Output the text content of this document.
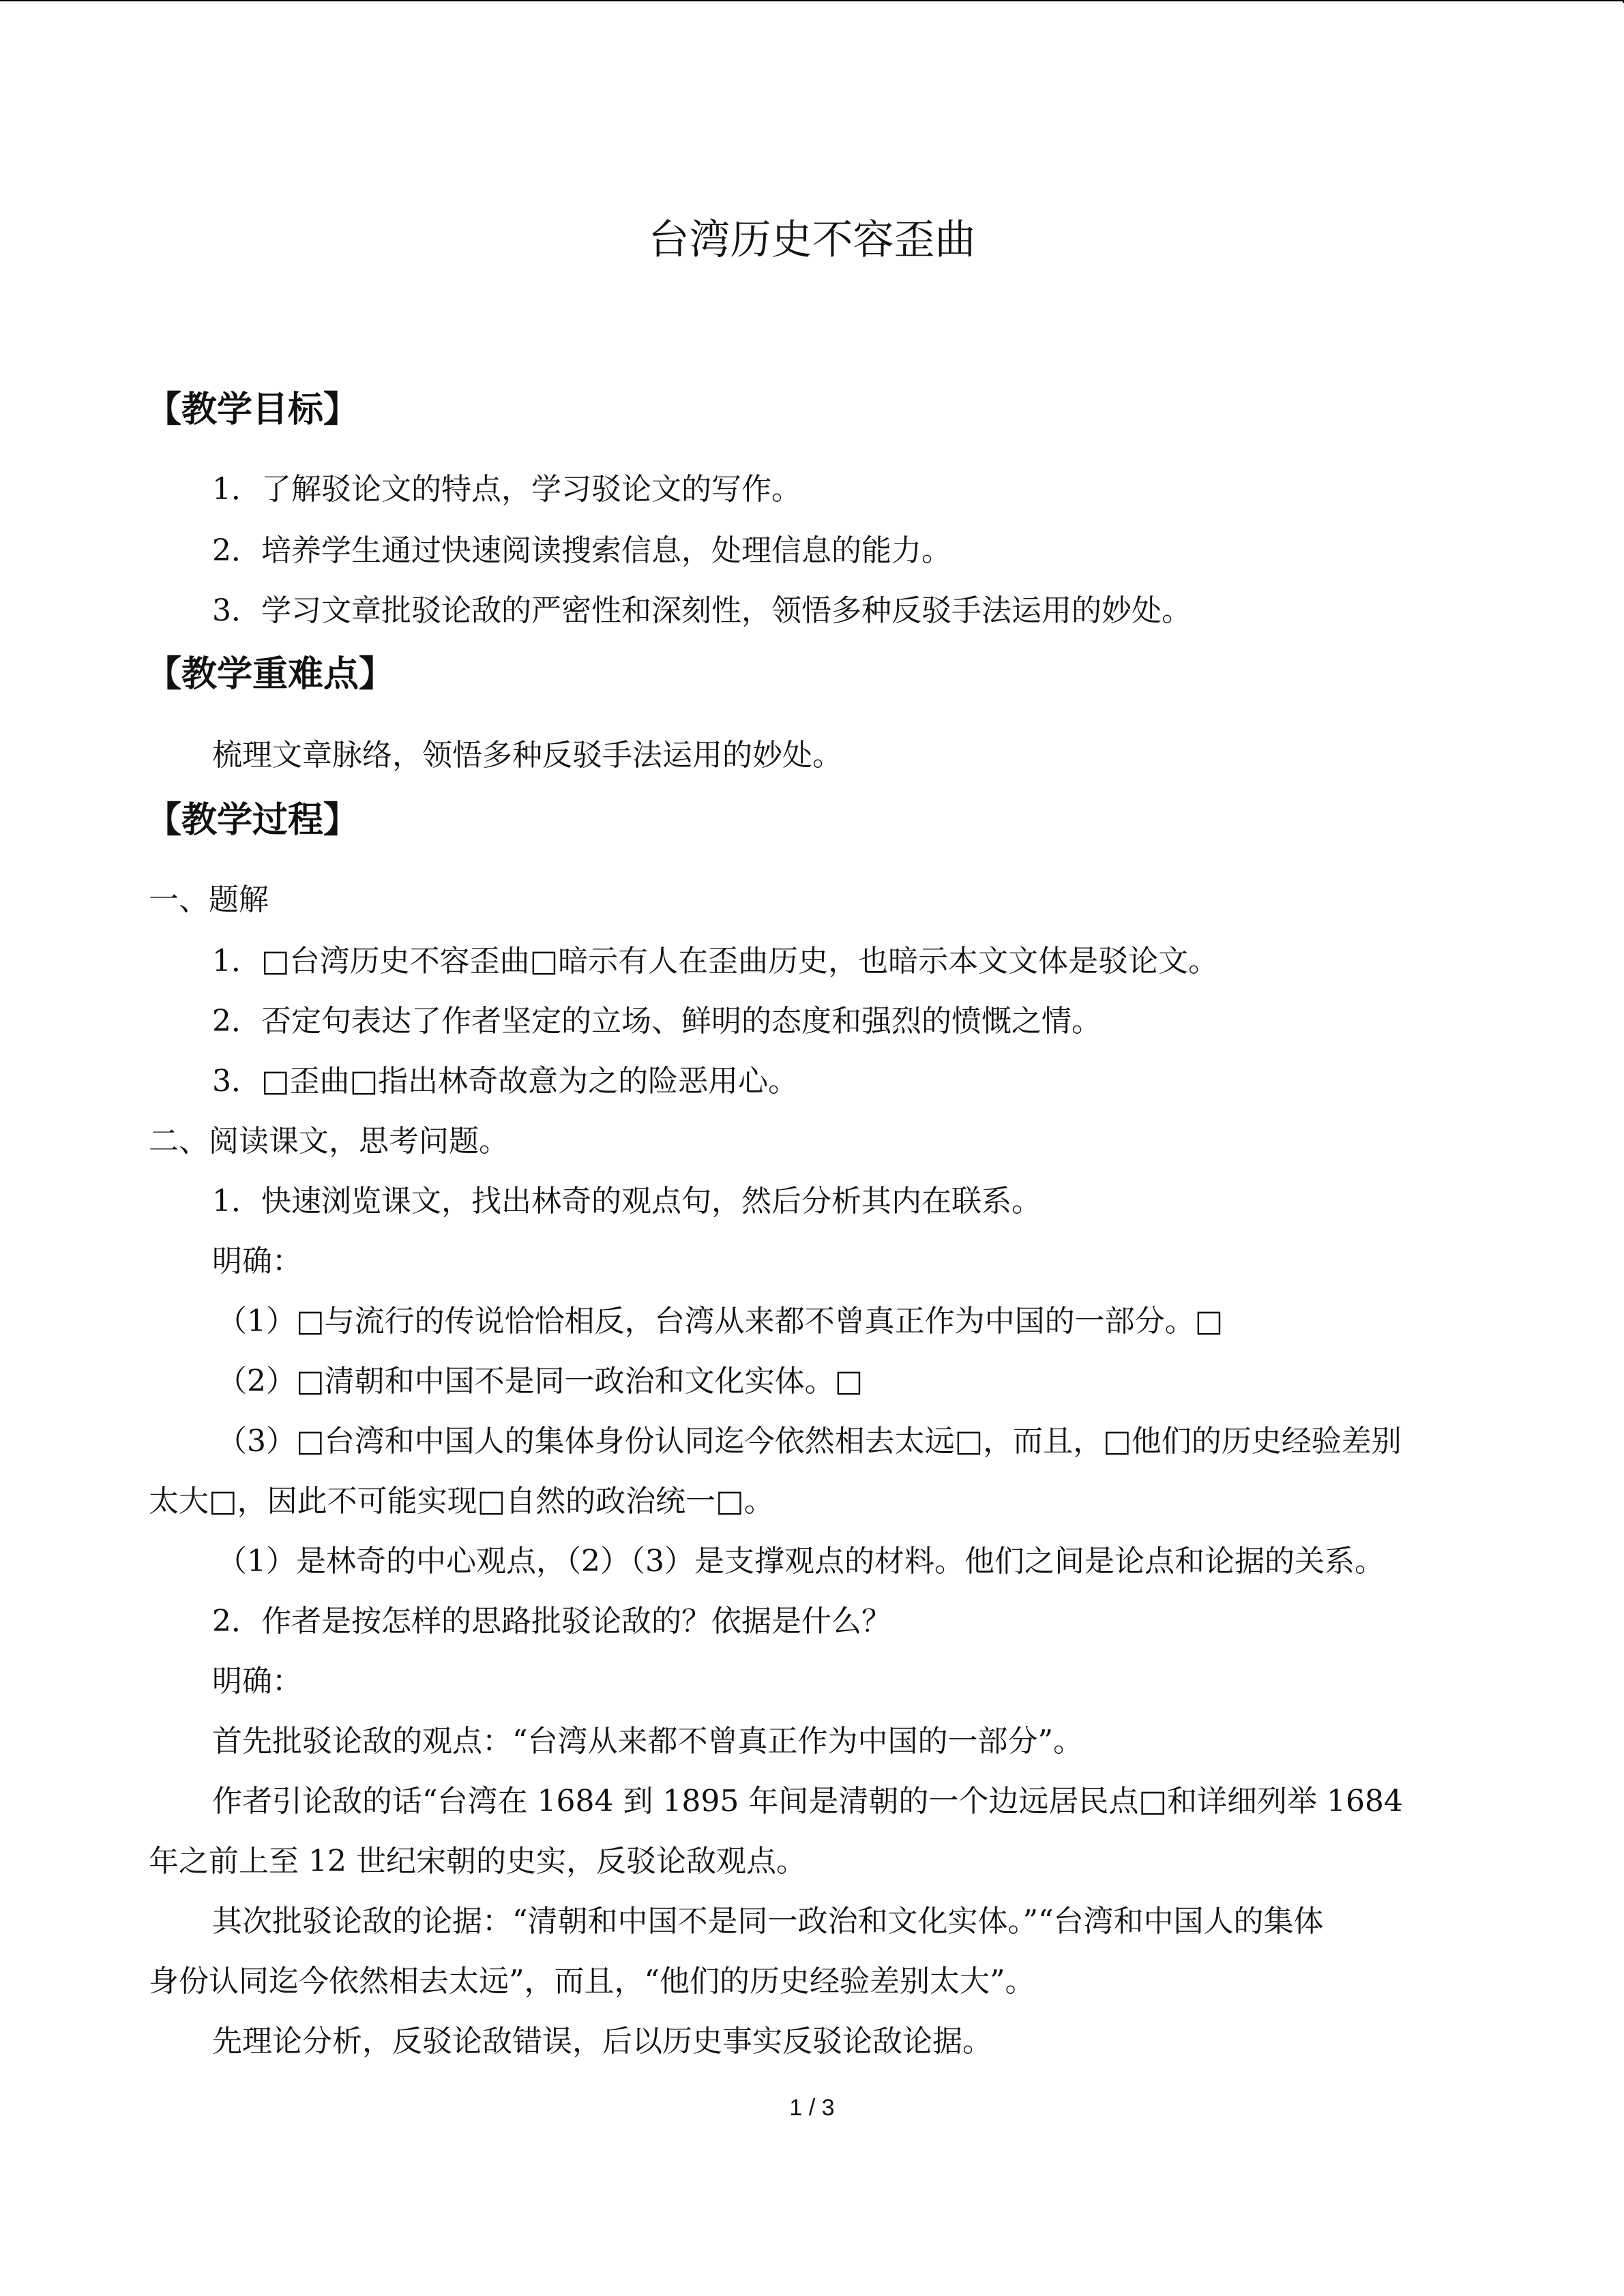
台湾历史不容歪曲
【教学目标】

1．了解驳论文的特点，学习驳论文的写作。

2．培养学生通过快速阅读搜索信息，处理信息的能力。

3．学习文章批驳论敌的严密性和深刻性，领悟多种反驳手法运用的妙处。

【教学重难点】

梳理文章脉络，领悟多种反驳手法运用的妙处。

【教学过程】

一、题解

1．□台湾历史不容歪曲□暗示有人在歪曲历史，也暗示本文文体是驳论文。

2．否定句表达了作者坚定的立场、鲜明的态度和强烈的愤慨之情。

3．□歪曲□指出林奇故意为之的险恶用心。

二、阅读课文，思考问题。

1．快速浏览课文，找出林奇的观点句，然后分析其内在联系。

明确：

（1）□与流行的传说恰恰相反，台湾从来都不曾真正作为中国的一部分。□

（2）□清朝和中国不是同一政治和文化实体。□

（3）□台湾和中国人的集体身份认同迄今依然相去太远□，而且，□他们的历史经验差别

太大□，因此不可能实现□自然的政治统一□。

（1）是林奇的中心观点，（2）（3）是支撑观点的材料。他们之间是论点和论据的关系。

2．作者是按怎样的思路批驳论敌的？依据是什么？

明确：

首先批驳论敌的观点：“台湾从来都不曾真正作为中国的一部分”。

作者引论敌的话“台湾在 1684 到 1895 年间是清朝的一个边远居民点□和详细列举 1684

年之前上至 12 世纪宋朝的史实，反驳论敌观点。

其次批驳论敌的论据：“清朝和中国不是同一政治和文化实体。”“台湾和中国人的集体

身份认同迄今依然相去太远”，而且，“他们的历史经验差别太大”。

先理论分析，反驳论敌错误，后以历史事实反驳论敌论据。

1 / 3
